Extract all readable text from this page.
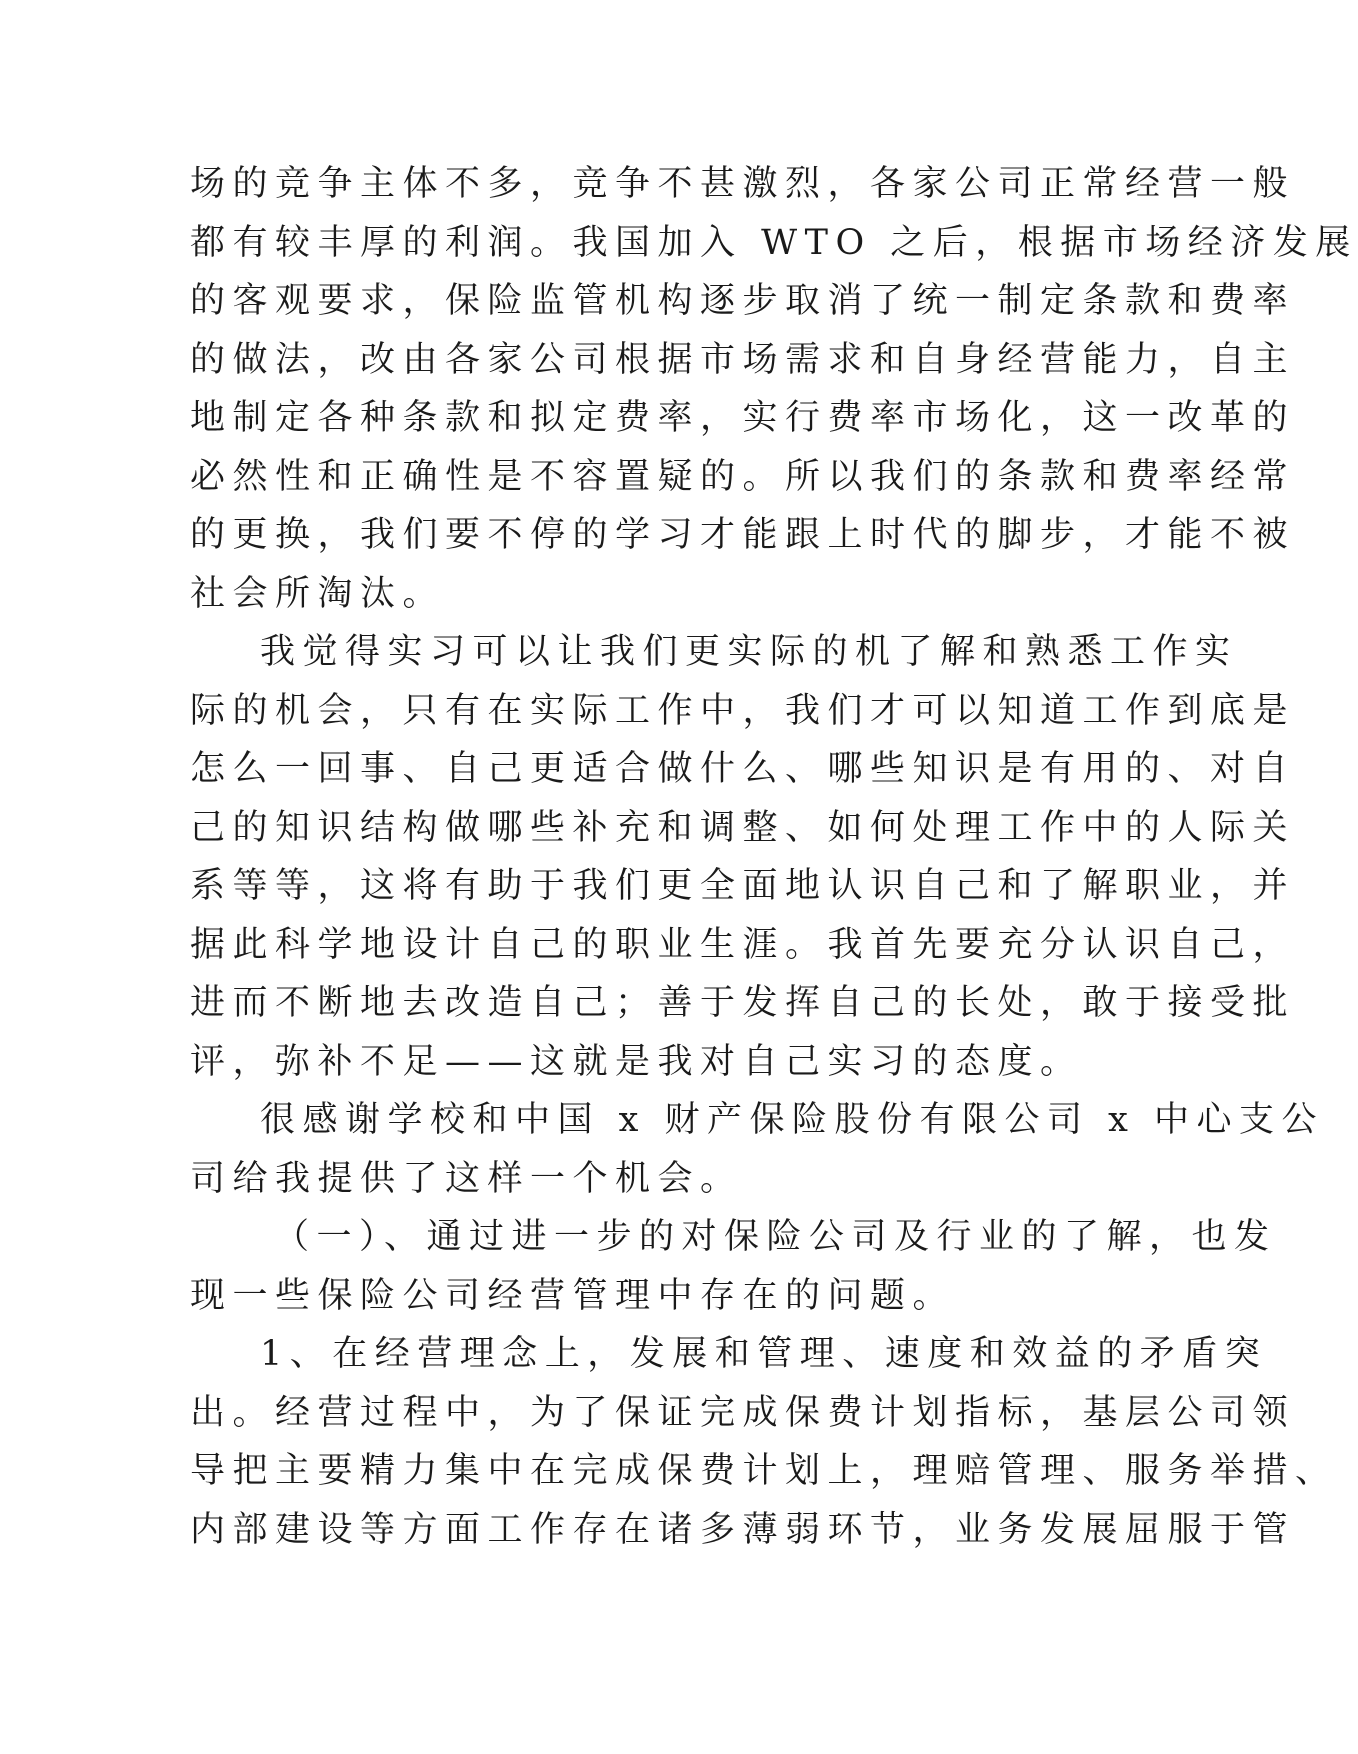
场的竞争主体不多，竞争不甚激烈，各家公司正常经营一般
都有较丰厚的利润。我国加入 WTO 之后，根据市场经济发展
的客观要求，保险监管机构逐步取消了统一制定条款和费率
的做法，改由各家公司根据市场需求和自身经营能力，自主
地制定各种条款和拟定费率，实行费率市场化，这一改革的
必然性和正确性是不容置疑的。所以我们的条款和费率经常
的更换，我们要不停的学习才能跟上时代的脚步，才能不被
社会所淘汰。
我觉得实习可以让我们更实际的机了解和熟悉工作实
际的机会，只有在实际工作中，我们才可以知道工作到底是
怎么一回事、自己更适合做什么、哪些知识是有用的、对自
己的知识结构做哪些补充和调整、如何处理工作中的人际关
系等等，这将有助于我们更全面地认识自己和了解职业，并
据此科学地设计自己的职业生涯。我首先要充分认识自己，
进而不断地去改造自己；善于发挥自己的长处，敢于接受批
评，弥补不足——这就是我对自己实习的态度。
很感谢学校和中国 x 财产保险股份有限公司 x 中心支公
司给我提供了这样一个机会。
（一）、通过进一步的对保险公司及行业的了解，也发
现一些保险公司经营管理中存在的问题。
1、在经营理念上，发展和管理、速度和效益的矛盾突
出。经营过程中，为了保证完成保费计划指标，基层公司领
导把主要精力集中在完成保费计划上，理赔管理、服务举措、
内部建设等方面工作存在诸多薄弱环节，业务发展屈服于管
